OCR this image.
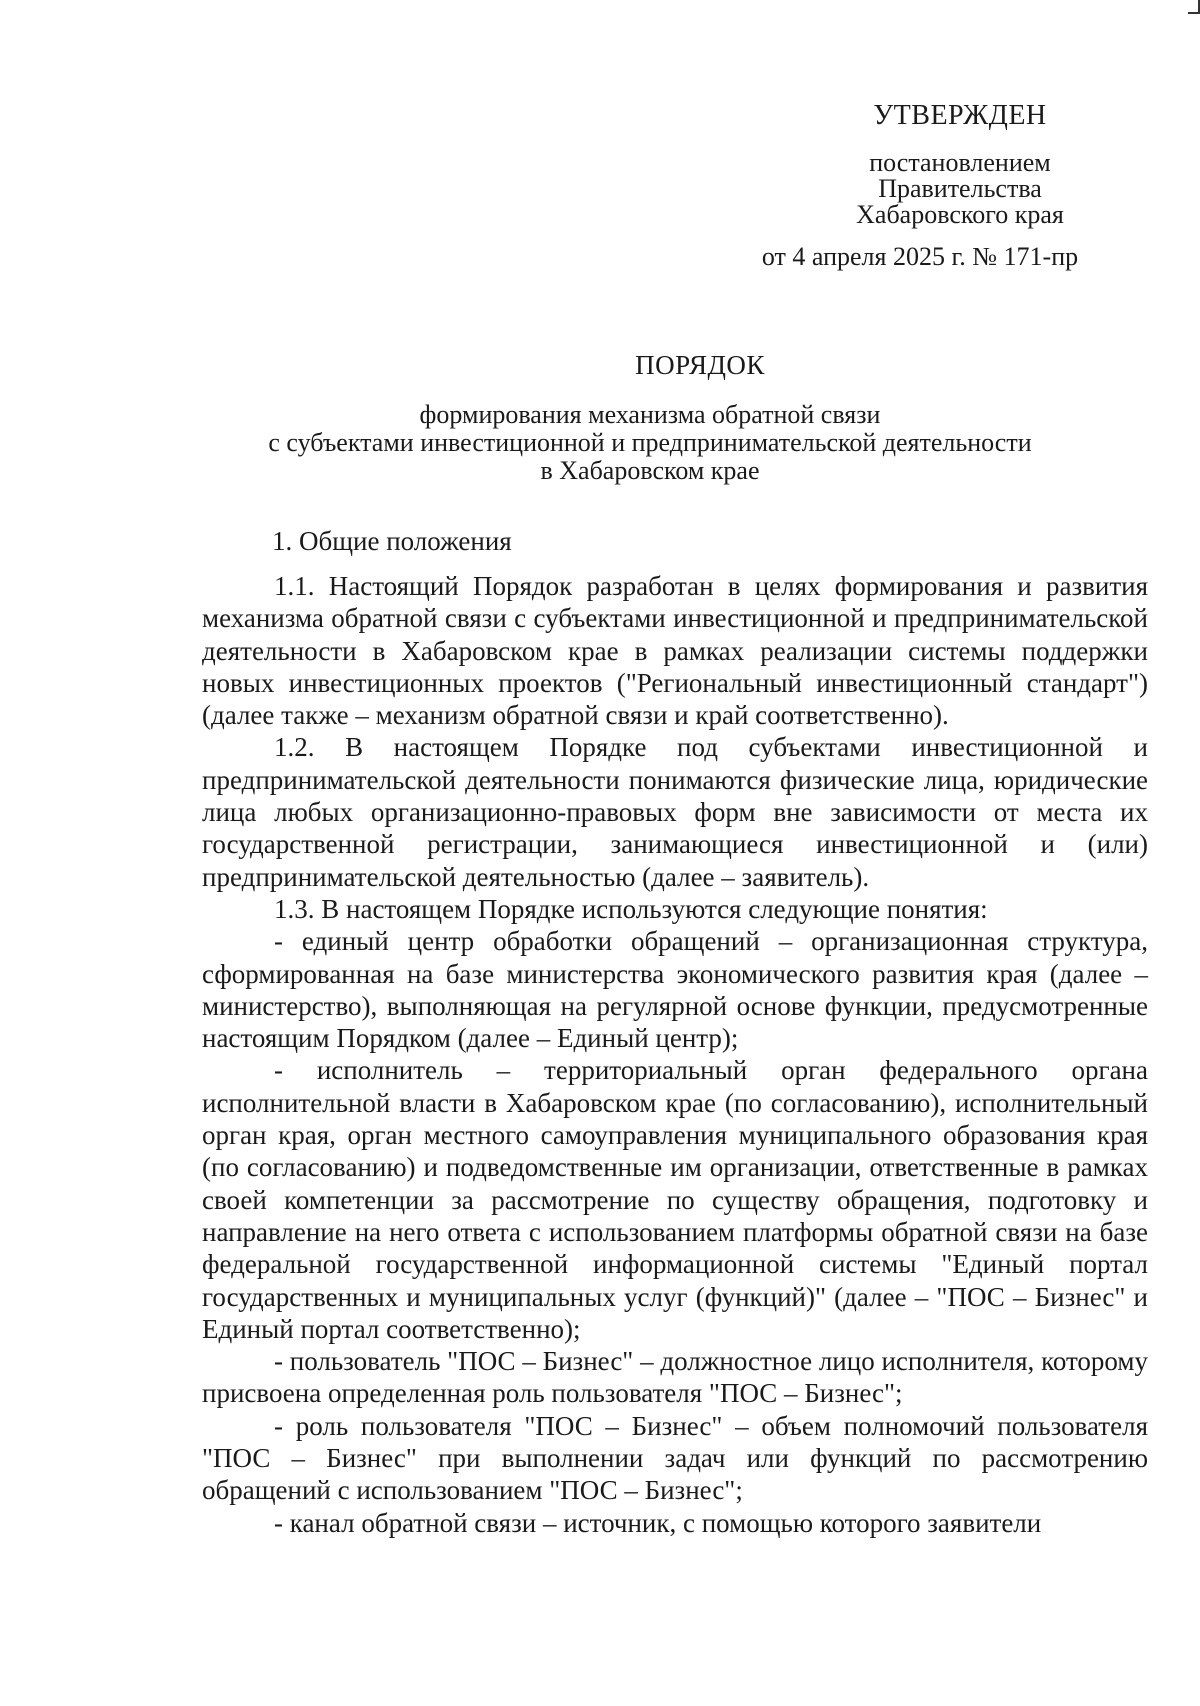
УТВЕРЖДЕН
постановлением
Правительства
Хабаровского края
от 4 апреля 2025 г. № 171-пр
ПОРЯДОК
формирования механизма обратной связи
с субъектами инвестиционной и предпринимательской деятельности
в Хабаровском крае
1. Общие положения

1.1. Настоящий Порядок разработан в целях формирования и развития механизма обратной связи с субъектами инвестиционной и предпринимательской деятельности в Хабаровском крае в рамках реализации системы поддержки новых инвестиционных проектов ("Региональный инвестиционный стандарт") (далее также – механизм обратной связи и край соответственно).

1.2. В настоящем Порядке под субъектами инвестиционной и предпринимательской деятельности понимаются физические лица, юридические лица любых организационно-правовых форм вне зависимости от места их государственной регистрации, занимающиеся инвестиционной и (или) предпринимательской деятельностью (далее – заявитель).

1.3. В настоящем Порядке используются следующие понятия:

- единый центр обработки обращений – организационная структура, сформированная на базе министерства экономического развития края (далее – министерство), выполняющая на регулярной основе функции, предусмотренные настоящим Порядком (далее – Единый центр);

- исполнитель – территориальный орган федерального органа исполнительной власти в Хабаровском крае (по согласованию), исполнительный орган края, орган местного самоуправления муниципального образования края (по согласованию) и подведомственные им организации, ответственные в рамках своей компетенции за рассмотрение по существу обращения, подготовку и направление на него ответа с использованием платформы обратной связи на базе федеральной государственной информационной системы "Единый портал государственных и муниципальных услуг (функций)" (далее – "ПОС – Бизнес" и Единый портал соответственно);

- пользователь "ПОС – Бизнес" – должностное лицо исполнителя, которому присвоена определенная роль пользователя "ПОС – Бизнес";

- роль пользователя "ПОС – Бизнес" – объем полномочий пользователя "ПОС – Бизнес" при выполнении задач или функций по рассмотрению обращений с использованием "ПОС – Бизнес";

- канал обратной связи – источник, с помощью которого заявители
